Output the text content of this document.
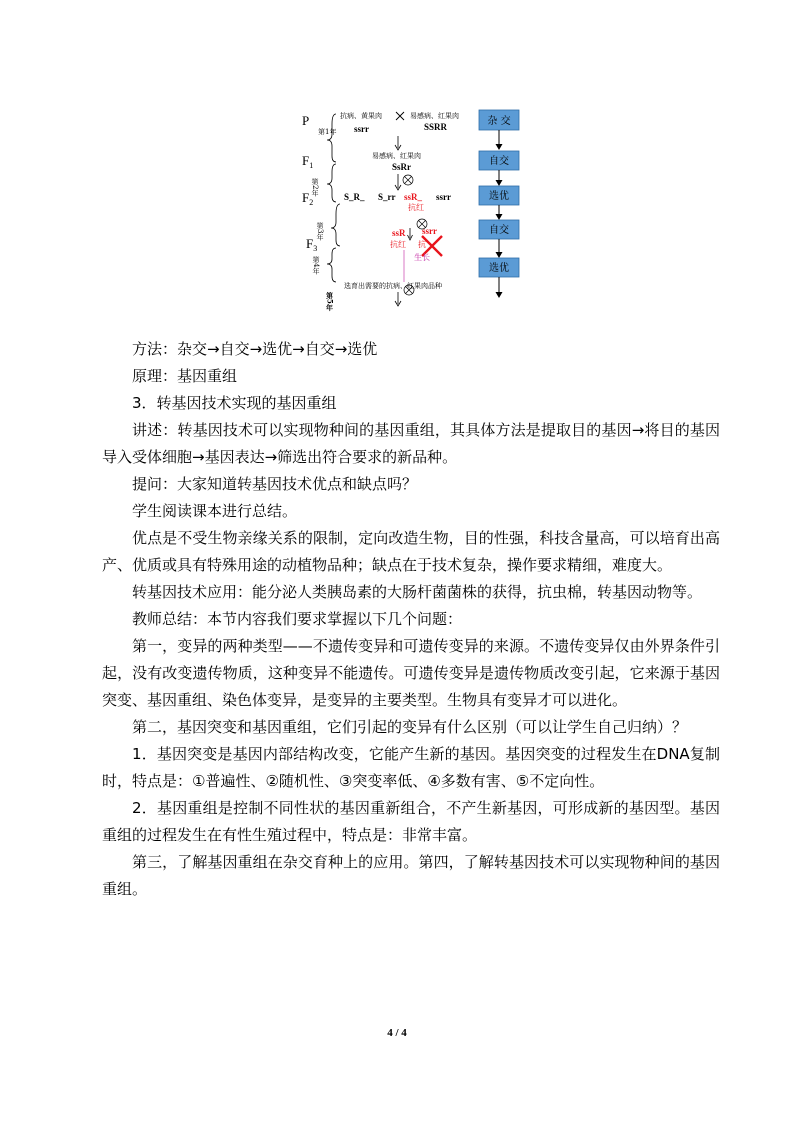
P
$F_1$
$F_2$
$F_3$
第1年
第2年
第3年
第4年
第5年
抗病、黄果肉
ssrr
易感病、红果肉
SSRR
易感病、红果肉
SsRr
S_R_ S_rr ssR_ ssrr
抗红
ssR ssrr
抗红 抗
生长
选育出需要的抗病、红果肉品种
杂 交
自交
选优
自交
选优

方法：杂交→自交→选优→自交→选优

原理：基因重组

3．转基因技术实现的基因重组

讲述：转基因技术可以实现物种间的基因重组，其具体方法是提取目的基因→将目的基因导入受体细胞→基因表达→筛选出符合要求的新品种。

提问：大家知道转基因技术优点和缺点吗？

学生阅读课本进行总结。

优点是不受生物亲缘关系的限制，定向改造生物，目的性强，科技含量高，可以培育出高产、优质或具有特殊用途的动植物品种；缺点在于技术复杂，操作要求精细，难度大。

转基因技术应用：能分泌人类胰岛素的大肠杆菌菌株的获得，抗虫棉，转基因动物等。

教师总结：本节内容我们要求掌握以下几个问题：

第一，变异的两种类型——不遗传变异和可遗传变异的来源。不遗传变异仅由外界条件引起，没有改变遗传物质，这种变异不能遗传。可遗传变异是遗传物质改变引起，它来源于基因突变、基因重组、染色体变异，是变异的主要类型。生物具有变异才可以进化。

第二，基因突变和基因重组，它们引起的变异有什么区别（可以让学生自己归纳）？

1．基因突变是基因内部结构改变，它能产生新的基因。基因突变的过程发生在DNA复制时，特点是：①普遍性、②随机性、③突变率低、④多数有害、⑤不定向性。

2．基因重组是控制不同性状的基因重新组合，不产生新基因，可形成新的基因型。基因重组的过程发生在有性生殖过程中，特点是：非常丰富。

第三，了解基因重组在杂交育种上的应用。第四，了解转基因技术可以实现物种间的基因重组。

4 / 4
